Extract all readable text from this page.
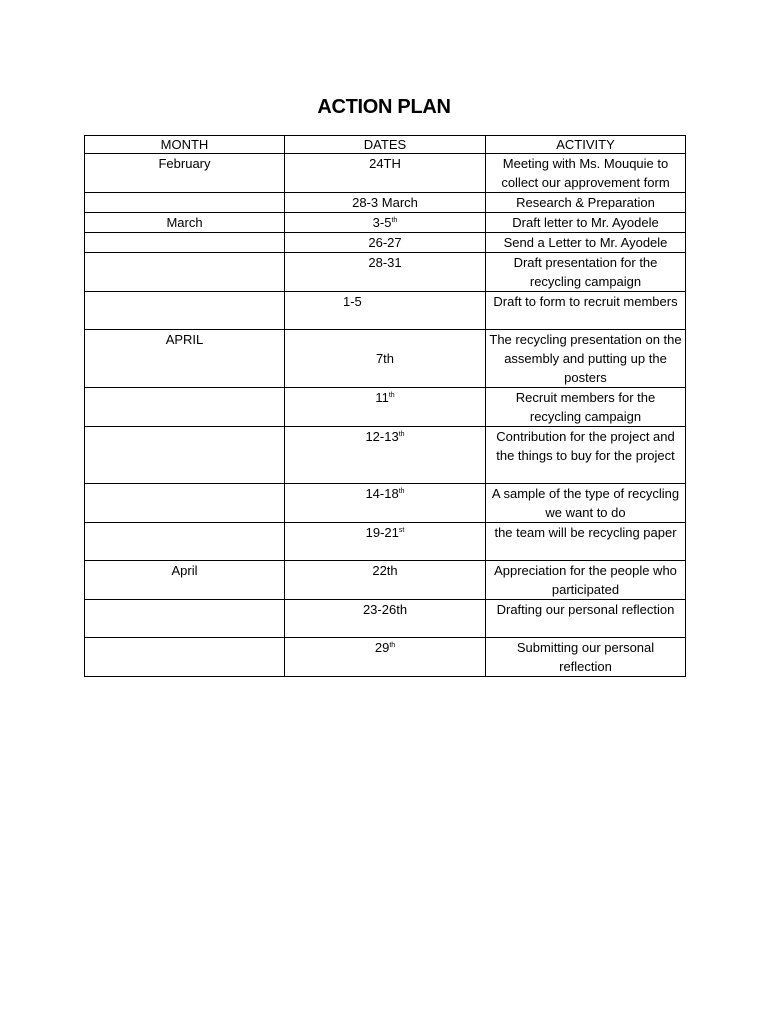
ACTION PLAN
MONTH	DATES	ACTIVITY
February	24TH	Meeting with Ms. Mouquie to collect our approvement form
	28-3 March	Research & Preparation
March	3-5th	Draft letter to Mr. Ayodele
	26-27	Send a Letter to Mr. Ayodele
	28-31	Draft presentation for the recycling campaign
	1-5	Draft to form to recruit members
APRIL	7th	The recycling presentation on the assembly and putting up the posters
	11th	Recruit members for the recycling campaign
	12-13th	Contribution for the project and the things to buy for the project
	14-18th	A sample of the type of recycling we want to do
	19-21st	the team will be recycling paper
April	22th	Appreciation for the people who participated
	23-26th	Drafting our personal reflection
	29th	Submitting our personal reflection
